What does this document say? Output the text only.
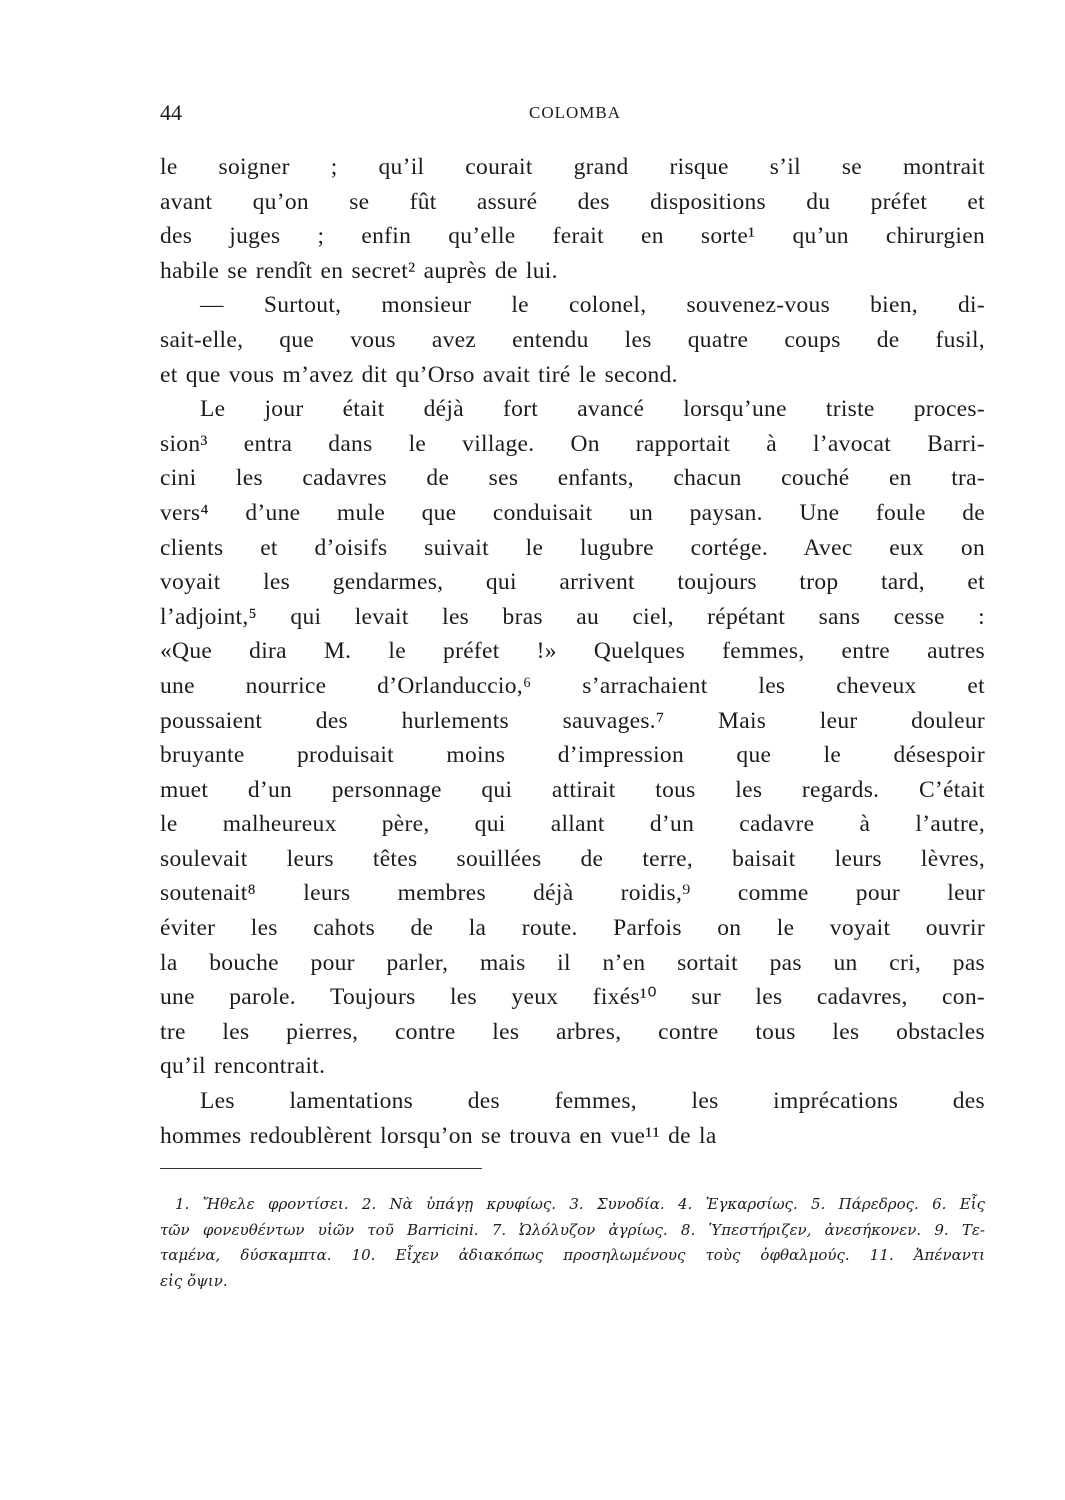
44	COLOMBA
le soigner ; qu’il courait grand risque s’il se montrait
avant qu’on se fût assuré des dispositions du préfet et
des juges ; enfin qu’elle ferait en sorte¹ qu’un chirurgien
habile se rendît en secret² auprès de lui.
— Surtout, monsieur le colonel, souvenez-vous bien, di-
sait-elle, que vous avez entendu les quatre coups de fusil,
et que vous m’avez dit qu’Orso avait tiré le second.
Le jour était déjà fort avancé lorsqu’une triste proces-
sion³ entra dans le village. On rapportait à l’avocat Barri-
cini les cadavres de ses enfants, chacun couché en tra-
vers⁴ d’une mule que conduisait un paysan. Une foule de
clients et d’oisifs suivait le lugubre cortége. Avec eux on
voyait les gendarmes, qui arrivent toujours trop tard, et
l’adjoint,⁵ qui levait les bras au ciel, répétant sans cesse :
«Que dira M. le préfet !» Quelques femmes, entre autres
une nourrice d’Orlanduccio,⁶ s’arrachaient les cheveux et
poussaient des hurlements sauvages.⁷ Mais leur douleur
bruyante produisait moins d’impression que le désespoir
muet d’un personnage qui attirait tous les regards. C’était
le malheureux père, qui allant d’un cadavre à l’autre,
soulevait leurs têtes souillées de terre, baisait leurs lèvres,
soutenait⁸ leurs membres déjà roidis,⁹ comme pour leur
éviter les cahots de la route. Parfois on le voyait ouvrir
la bouche pour parler, mais il n’en sortait pas un cri, pas
une parole. Toujours les yeux fixés¹⁰ sur les cadavres, con-
tre les pierres, contre les arbres, contre tous les obstacles
qu’il rencontrait.
Les lamentations des femmes, les imprécations des
hommes redoublèrent lorsqu’on se trouva en vue¹¹ de la
1. Ἤθελε φροντίσει. 2. Νὰ ὑπάγῃ κρυφίως. 3. Συνοδία. 4. Ἐγκαρσίως. 5. Πάρεδρος. 6. Εἷς
τῶν φονευθέντων υἱῶν τοῦ Barricini. 7. Ὠλόλυζον ἀγρίως. 8. Ὑπεστήριζεν, ἀνεσήκονεν. 9. Τε-
ταμένα, δύσκαμπτα. 10. Εἶχεν ἀδιακόπως προσηλωμένους τοὺς ὀφθαλμούς. 11. Ἀπέναντι
εἰς ὄψιν.
